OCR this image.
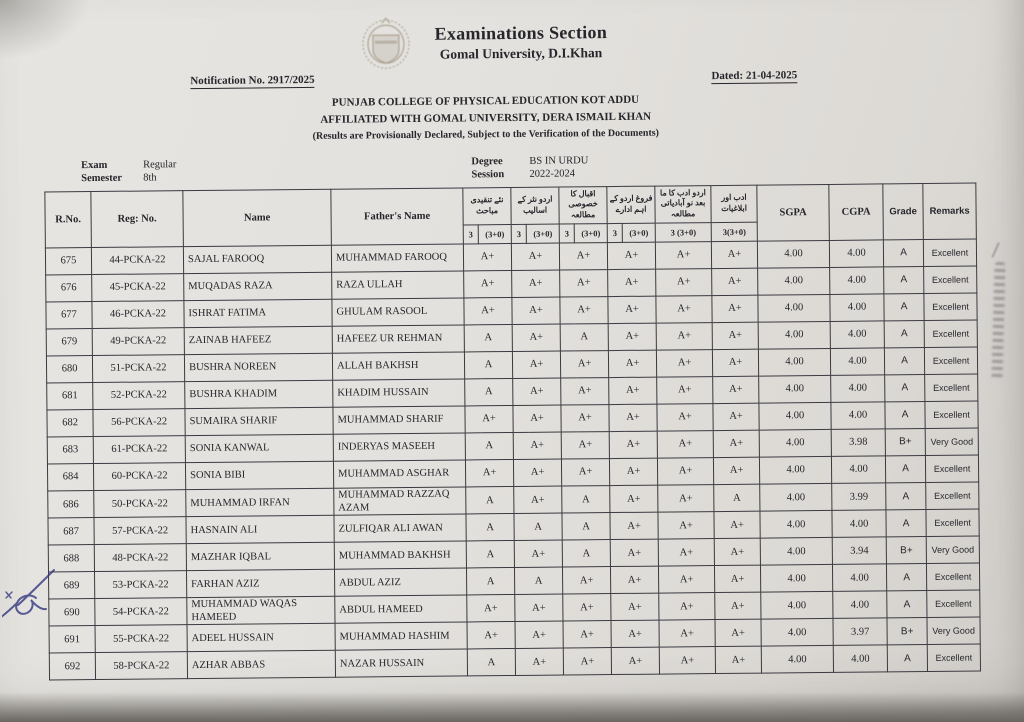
Examinations Section
Gomal University, D.I.Khan
Notification No. 2917/2025	Dated: 21-04-2025
PUNJAB COLLEGE OF PHYSICAL EDUCATION KOT ADDU
AFFILIATED WITH GOMAL UNIVERSITY, DERA ISMAIL KHAN
(Results are Provisionally Declared, Subject to the Verification of the Documents)
Exam	Regular
Semester	8th
Degree	BS IN URDU
Session	2022-2024
R.No.	Reg: No.	Name	Father's Name	نئے تنقیدی مباحث		اردو نثر کے اسالیب		اقبال کا خصوصی مطالعہ		فروغ اردو کے اہم ادارے		اردو ادب کا ما بعد نو آبادیاتی مطالعہ	ادب اور ابلاغیات	SGPA	CGPA	Grade	Remarks
				3	(3+0)	3	(3+0)	3	(3+0)	3	(3+0)	3 (3+0)	3(3+0)				
675	44-PCKA-22	SAJAL FAROOQ	MUHAMMAD FAROOQ	A+		A+		A+		A+		A+	A+	4.00	4.00	A	Excellent
676	45-PCKA-22	MUQADAS RAZA	RAZA ULLAH	A+		A+		A+		A+		A+	A+	4.00	4.00	A	Excellent
677	46-PCKA-22	ISHRAT FATIMA	GHULAM RASOOL	A+		A+		A+		A+		A+	A+	4.00	4.00	A	Excellent
679	49-PCKA-22	ZAINAB HAFEEZ	HAFEEZ UR REHMAN	A		A+		A		A+		A+	A+	4.00	4.00	A	Excellent
680	51-PCKA-22	BUSHRA NOREEN	ALLAH BAKHSH	A		A+		A+		A+		A+	A+	4.00	4.00	A	Excellent
681	52-PCKA-22	BUSHRA KHADIM	KHADIM HUSSAIN	A		A+		A+		A+		A+	A+	4.00	4.00	A	Excellent
682	56-PCKA-22	SUMAIRA SHARIF	MUHAMMAD SHARIF	A+		A+		A+		A+		A+	A+	4.00	4.00	A	Excellent
683	61-PCKA-22	SONIA KANWAL	INDERYAS MASEEH	A		A+		A+		A+		A+	A+	4.00	3.98	B+	Very Good
684	60-PCKA-22	SONIA BIBI	MUHAMMAD ASGHAR	A+		A+		A+		A+		A+	A+	4.00	4.00	A	Excellent
686	50-PCKA-22	MUHAMMAD IRFAN	MUHAMMAD RAZZAQ
AZAM	A		A+		A		A+		A+	A	4.00	3.99	A	Excellent
687	57-PCKA-22	HASNAIN ALI	ZULFIQAR ALI AWAN	A		A		A		A+		A+	A+	4.00	4.00	A	Excellent
688	48-PCKA-22	MAZHAR IQBAL	MUHAMMAD BAKHSH	A		A+		A		A+		A+	A+	4.00	3.94	B+	Very Good
689	53-PCKA-22	FARHAN AZIZ	ABDUL AZIZ	A		A		A+		A+		A+	A+	4.00	4.00	A	Excellent
690	54-PCKA-22	MUHAMMAD WAQAS
HAMEED	ABDUL HAMEED	A+		A+		A+		A+		A+	A+	4.00	4.00	A	Excellent
691	55-PCKA-22	ADEEL HUSSAIN	MUHAMMAD HASHIM	A+		A+		A+		A+		A+	A+	4.00	3.97	B+	Very Good
692	58-PCKA-22	AZHAR ABBAS	NAZAR HUSSAIN	A		A+		A+		A+		A+	A+	4.00	4.00	A	Excellent
